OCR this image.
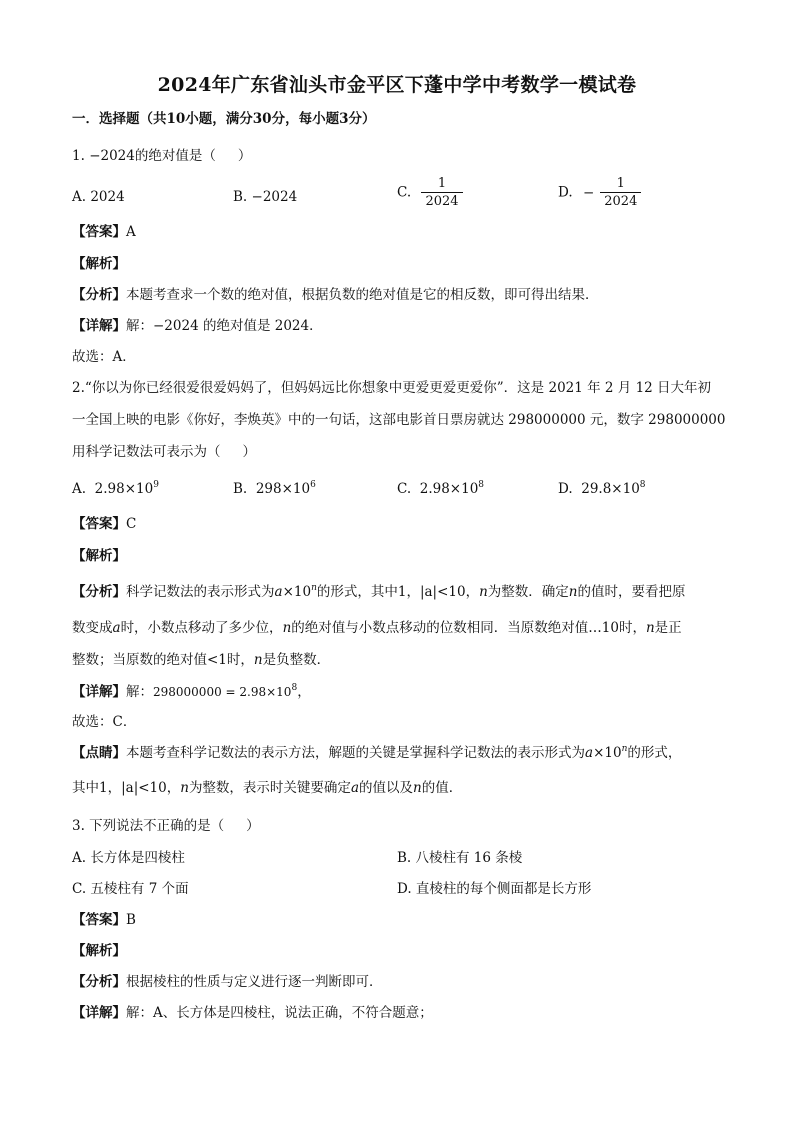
2024年广东省汕头市金平区下蓬中学中考数学一模试卷
一．选择题（共10小题，满分30分，每小题3分）
1. −2024的绝对值是（ ）
A. 2024	B. −2024	C. $\frac{1}{2024}$	D. − $\frac{1}{2024}$
【答案】A
【解析】
【分析】本题考查求一个数的绝对值，根据负数的绝对值是它的相反数，即可得出结果．
【详解】解：−2024 的绝对值是 2024．
故选：A．
2.“你以为你已经很爱很爱妈妈了，但妈妈远比你想象中更爱更爱更爱你”．这是 2021 年 2 月 12 日大年初
一全国上映的电影《你好，李焕英》中的一句话，这部电影首日票房就达 298000000 元，数字 298000000
用科学记数法可表示为（ ）
A. $2.98\times 10^9$	B. $298\times 10^6$	C. $2.98\times 10^8$	D. $29.8\times 10^8$
【答案】C
【解析】
【分析】科学记数法的表示形式为$a\times 10^n$的形式，其中1，|a|<10，n为整数．确定n的值时，要看把原
数变成a时，小数点移动了多少位，n的绝对值与小数点移动的位数相同．当原数绝对值…10时，n是正
整数；当原数的绝对值<1时，n是负整数．
【详解】解：$298000000 = 2.98\times 10^8$，
故选：C．
【点睛】本题考查科学记数法的表示方法，解题的关键是掌握科学记数法的表示形式为$a\times 10^n$的形式，
其中1，|a|<10，n为整数，表示时关键要确定a的值以及n的值．
3. 下列说法不正确的是（ ）
A. 长方体是四棱柱	B. 八棱柱有 16 条棱
C. 五棱柱有 7 个面	D. 直棱柱的每个侧面都是长方形
【答案】B
【解析】
【分析】根据棱柱的性质与定义进行逐一判断即可．
【详解】解：A、长方体是四棱柱，说法正确，不符合题意；
